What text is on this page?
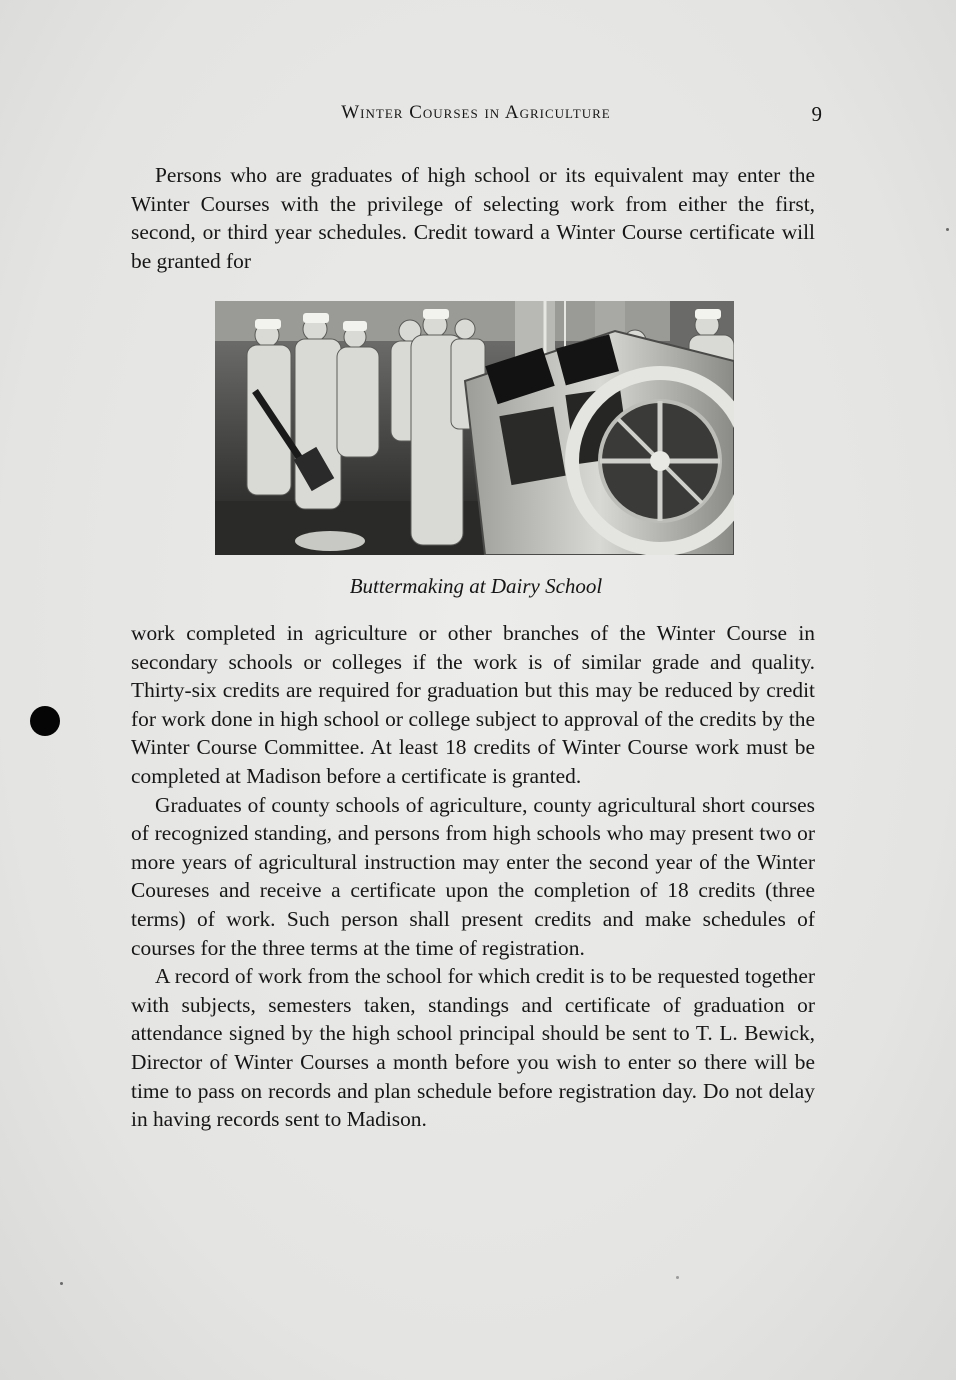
Winter Courses in Agriculture	9

Persons who are graduates of high school or its equivalent may enter the Winter Courses with the privilege of selecting work from either the first, second, or third year schedules. Credit toward a Winter Course certificate will be granted for

Buttermaking at Dairy School

work completed in agriculture or other branches of the Winter Course in secondary schools or colleges if the work is of similar grade and quality. Thirty-six credits are required for graduation but this may be reduced by credit for work done in high school or college subject to approval of the credits by the Winter Course Committee. At least 18 credits of Winter Course work must be completed at Madison before a certificate is granted.

Graduates of county schools of agriculture, county agricultural short courses of recognized standing, and persons from high schools who may present two or more years of agricultural instruction may enter the second year of the Winter Coureses and receive a certificate upon the completion of 18 credits (three terms) of work. Such person shall present credits and make schedules of courses for the three terms at the time of registration.

A record of work from the school for which credit is to be requested together with subjects, semesters taken, standings and certificate of graduation or attendance signed by the high school principal should be sent to T. L. Bewick, Director of Winter Courses a month before you wish to enter so there will be time to pass on records and plan schedule before registration day. Do not delay in having records sent to Madison.
